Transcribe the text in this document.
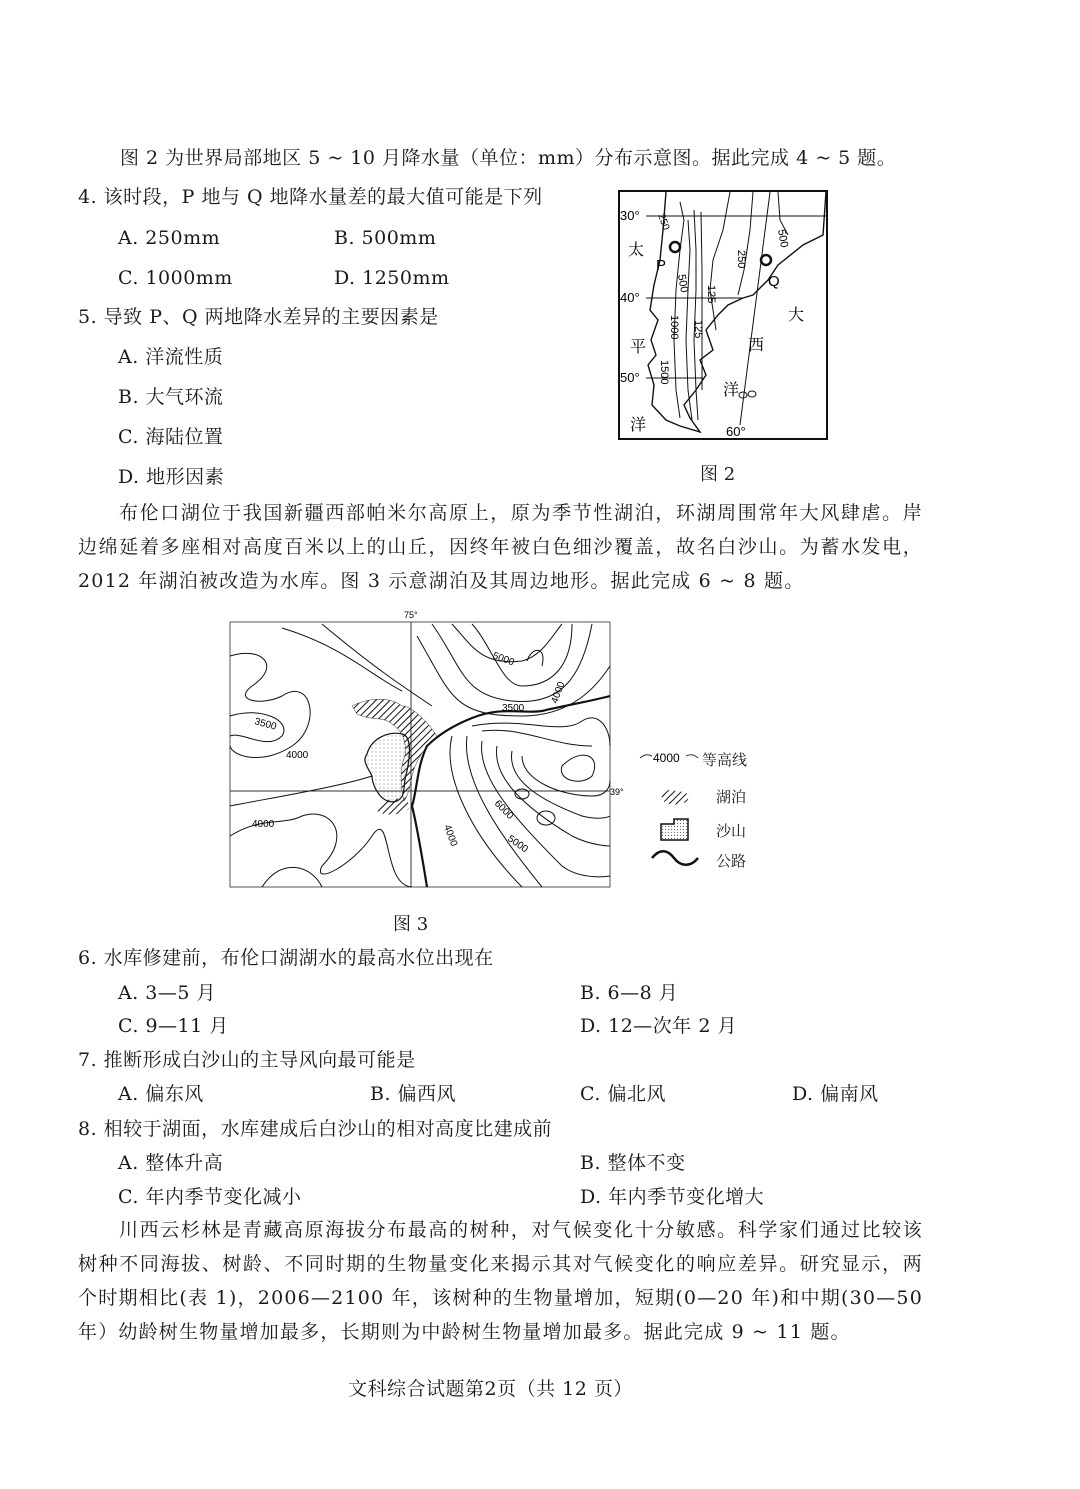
图 2 为世界局部地区 5 ~ 10 月降水量（单位：mm）分布示意图。据此完成 4 ~ 5 题。
4. 该时段，P 地与 Q 地降水量差的最大值可能是下列
A. 250mm	B. 500mm
C. 1000mm	D. 1250mm
5. 导致 P、Q 两地降水差异的主要因素是
A. 洋流性质
B. 大气环流
C. 海陆位置
D. 地形因素
30°
40°
50°
60°
P
Q
250
500
125
500
1000 125
1500
250
太
平
洋
大
西
洋
图 2
布伦口湖位于我国新疆西部帕米尔高原上，原为季节性湖泊，环湖周围常年大风肆虐。岸边绵延着多座相对高度百米以上的山丘，因终年被白色细沙覆盖，故名白沙山。为蓄水发电，2012 年湖泊被改造为水库。图 3 示意湖泊及其周边地形。据此完成 6 ~ 8 题。
75°
39°
5000
4000
3500
3500
4000
4000
6000
4000	5000
4000 等高线
湖泊
沙山
公路
图 3
6. 水库修建前，布伦口湖湖水的最高水位出现在
A. 3—5 月	B. 6—8 月
C. 9—11 月	D. 12—次年 2 月
7. 推断形成白沙山的主导风向最可能是
A. 偏东风	B. 偏西风	C. 偏北风	D. 偏南风
8. 相较于湖面，水库建成后白沙山的相对高度比建成前
A. 整体升高	B. 整体不变
C. 年内季节变化减小	D. 年内季节变化增大
川西云杉林是青藏高原海拔分布最高的树种，对气候变化十分敏感。科学家们通过比较该树种不同海拔、树龄、不同时期的生物量变化来揭示其对气候变化的响应差异。研究显示，两个时期相比(表 1)，2006—2100 年，该树种的生物量增加，短期(0—20 年)和中期(30—50 年）幼龄树生物量增加最多，长期则为中龄树生物量增加最多。据此完成 9 ~ 11 题。
文科综合试题第2页（共 12 页）
